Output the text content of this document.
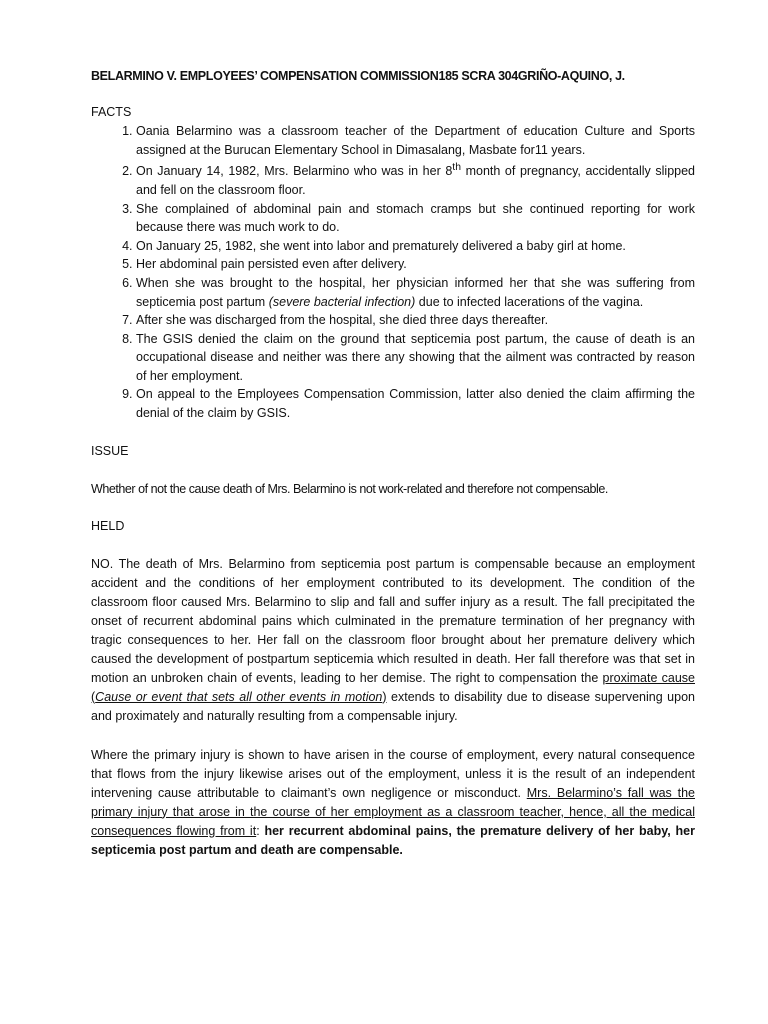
BELARMINO V. EMPLOYEES’ COMPENSATION COMMISSION185 SCRA 304GRIÑO-AQUINO, J.

FACTS

1. Oania Belarmino was a classroom teacher of the Department of education Culture and Sports assigned at the Burucan Elementary School in Dimasalang, Masbate for11 years.
2. On January 14, 1982, Mrs. Belarmino who was in her 8th month of pregnancy, accidentally slipped and fell on the classroom floor.
3. She complained of abdominal pain and stomach cramps but she continued reporting for work because there was much work to do.
4. On January 25, 1982, she went into labor and prematurely delivered a baby girl at home.
5. Her abdominal pain persisted even after delivery.
6. When she was brought to the hospital, her physician informed her that she was suffering from septicemia post partum (severe bacterial infection) due to infected lacerations of the vagina.
7. After she was discharged from the hospital, she died three days thereafter.
8. The GSIS denied the claim on the ground that septicemia post partum, the cause of death is an occupational disease and neither was there any showing that the ailment was contracted by reason of her employment.
9. On appeal to the Employees Compensation Commission, latter also denied the claim affirming the denial of the claim by GSIS.

ISSUE

Whether of not the cause death of Mrs. Belarmino is not work-related and therefore not compensable.

HELD

NO. The death of Mrs. Belarmino from septicemia post partum is compensable because an employment accident and the conditions of her employment contributed to its development. The condition of the classroom floor caused Mrs. Belarmino to slip and fall and suffer injury as a result. The fall precipitated the onset of recurrent abdominal pains which culminated in the premature termination of her pregnancy with tragic consequences to her. Her fall on the classroom floor brought about her premature delivery which caused the development of postpartum septicemia which resulted in death. Her fall therefore was that set in motion an unbroken chain of events, leading to her demise. The right to compensation the proximate cause (Cause or event that sets all other events in motion) extends to disability due to disease supervening upon and proximately and naturally resulting from a compensable injury.

Where the primary injury is shown to have arisen in the course of employment, every natural consequence that flows from the injury likewise arises out of the employment, unless it is the result of an independent intervening cause attributable to claimant’s own negligence or misconduct. Mrs. Belarmino’s fall was the primary injury that arose in the course of her employment as a classroom teacher, hence, all the medical consequences flowing from it: her recurrent abdominal pains, the premature delivery of her baby, her septicemia post partum and death are compensable.
